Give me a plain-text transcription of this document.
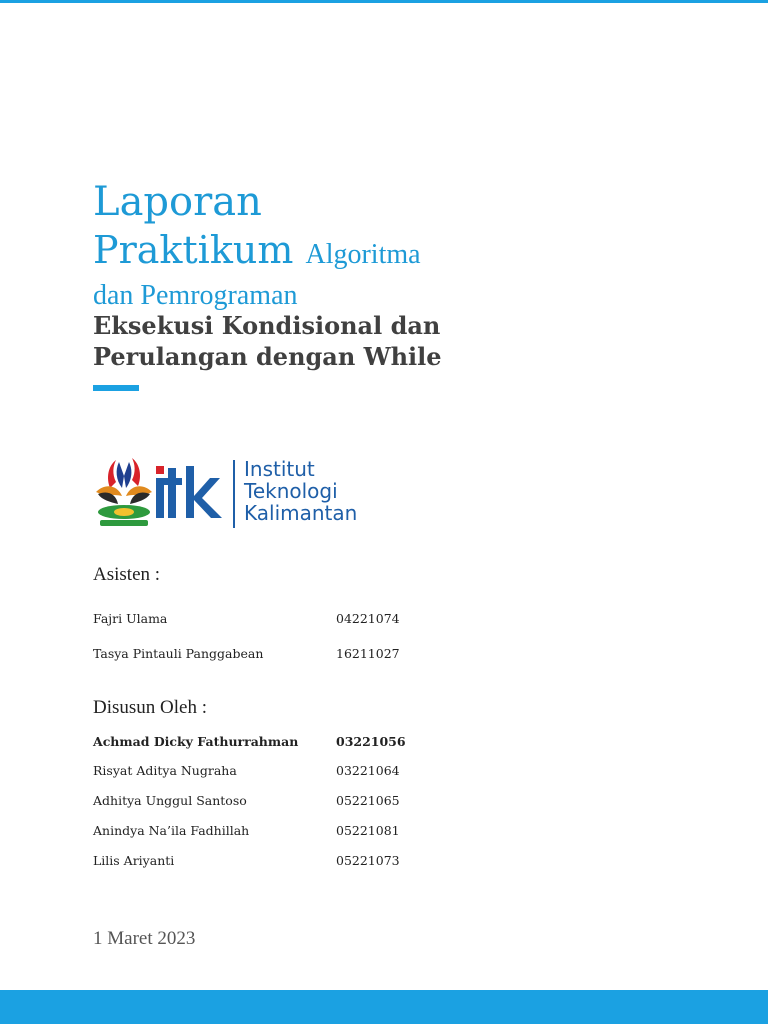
Laporan
Praktikum Algoritma
dan Pemrograman
Eksekusi Kondisional dan
Perulangan dengan While
Institut
Teknologi
Kalimantan
Asisten :
Fajri Ulama	04221074
Tasya Pintauli Panggabean	16211027
Disusun Oleh :
Achmad Dicky Fathurrahman	03221056
Risyat Aditya Nugraha	03221064
Adhitya Unggul Santoso	05221065
Anindya Na’ila Fadhillah	05221081
Lilis Ariyanti	05221073
1 Maret 2023
